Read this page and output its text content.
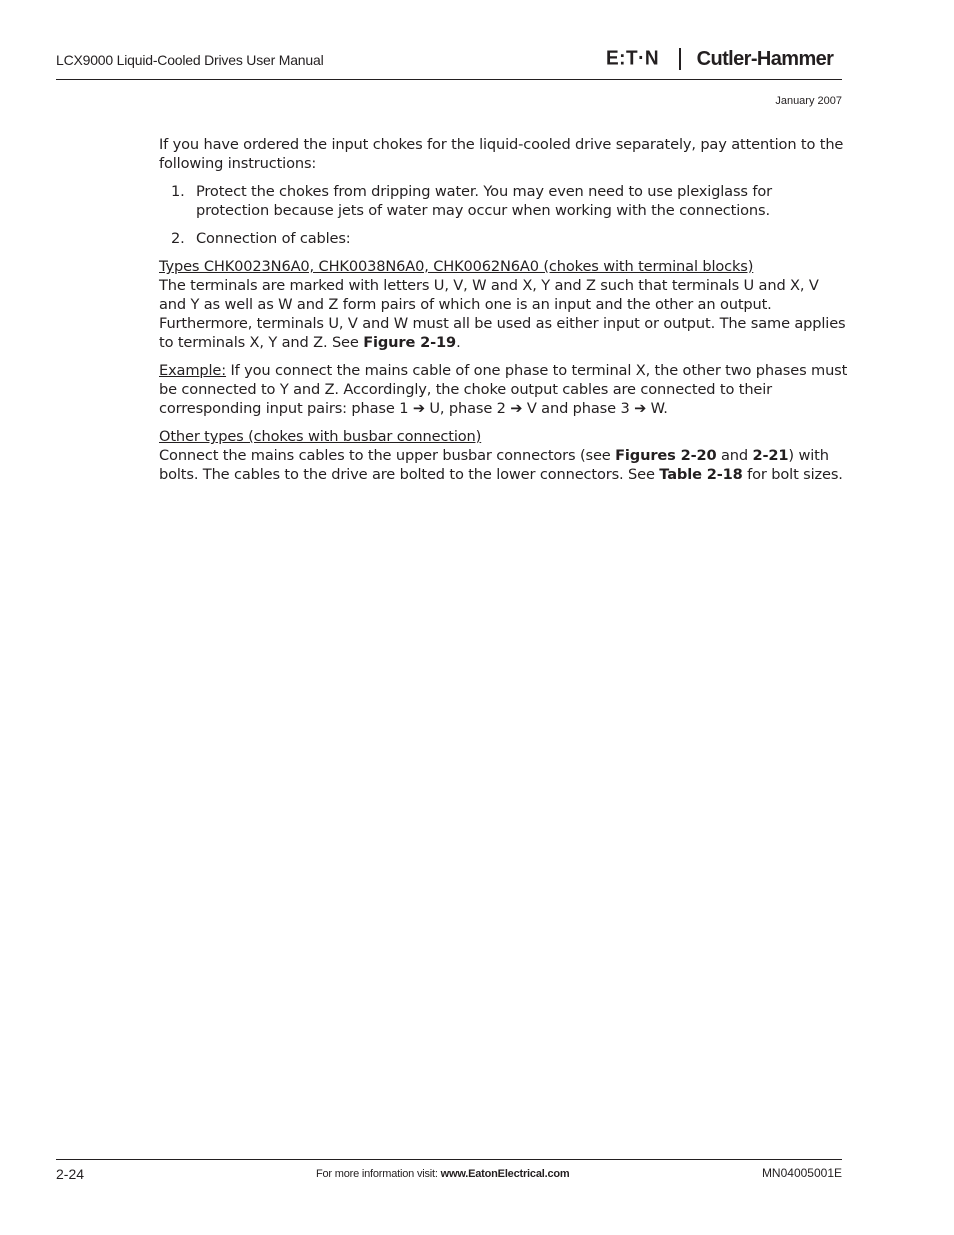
LCX9000 Liquid-Cooled Drives User Manual	E:T·N Cutler-Hammer
January 2007

If you have ordered the input chokes for the liquid-cooled drive separately, pay attention to the following instructions:

1. Protect the chokes from dripping water. You may even need to use plexiglass for protection because jets of water may occur when working with the connections.
2. Connection of cables:

Types CHK0023N6A0, CHK0038N6A0, CHK0062N6A0 (chokes with terminal blocks)
The terminals are marked with letters U, V, W and X, Y and Z such that terminals U and X, V and Y as well as W and Z form pairs of which one is an input and the other an output. Furthermore, terminals U, V and W must all be used as either input or output. The same applies to terminals X, Y and Z. See Figure 2-19.

Example: If you connect the mains cable of one phase to terminal X, the other two phases must be connected to Y and Z. Accordingly, the choke output cables are connected to their corresponding input pairs: phase 1 ➔ U, phase 2 ➔ V and phase 3 ➔ W.

Other types (chokes with busbar connection)
Connect the mains cables to the upper busbar connectors (see Figures 2-20 and 2-21) with bolts. The cables to the drive are bolted to the lower connectors. See Table 2-18 for bolt sizes.

2-24	For more information visit: www.EatonElectrical.com	MN04005001E
